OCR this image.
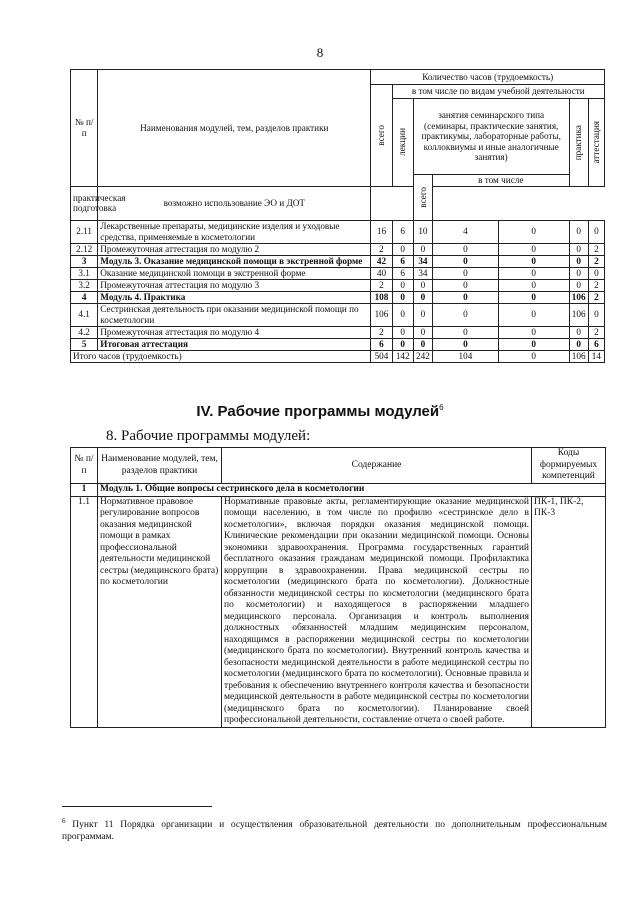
8
№ п/п	Наименования модулей, тем, разделов практики	Количество часов (трудоемкость)						

		всего	в том числе по видам учебной деятельности					

			лекции	занятия семинарского типа (семинары, практические занятия, практикумы, лабораторные работы, коллоквиумы и иные аналогичные занятия)			практика	аттестация

				всего	в том числе			
практическая подготовка	возможно использование ЭО и ДОТ							
2.11	Лекарственные препараты, медицинские изделия и уходовые средства, применяемые в косметологии	16	6	10	4	0	0	0
2.12	Промежуточная аттестация по модулю 2	2	0	0	0	0	0	2
3	Модуль 3. Оказание медицинской помощи в экстренной форме	42	6	34	0	0	0	2
3.1	Оказание медицинской помощи в экстренной форме	40	6	34	0	0	0	0
3.2	Промежуточная аттестация по модулю 3	2	0	0	0	0	0	2
4	Модуль 4. Практика	108	0	0	0	0	106	2
4.1	Сестринская деятельность при оказании медицинской помощи по косметологии	106	0	0	0	0	106	0
4.2	Промежуточная аттестация по модулю 4	2	0	0	0	0	0	2
5	Итоговая аттестация	6	0	0	0	0	0	6
Итого часов (трудоемкость)		504	142	242	104	0	106	14
IV. Рабочие программы модулей$^6$
8. Рабочие программы модулей:
№ п/п	Наименование модулей, тем, разделов практики	Содержание	Коды формируемых компетенций
1	Модуль 1. Общие вопросы сестринского дела в косметологии		
1.1	Нормативное правовое регулирование вопросов оказания медицинской помощи в рамках профессиональной деятельности медицинской сестры (медицинского брата) по косметологии	Нормативные правовые акты, регламентирующие оказание медицинской помощи населению, в том числе по профилю «сестринское дело в косметологии», включая порядки оказания медицинской помощи. Клинические рекомендации при оказании медицинской помощи. Основы экономики здравоохранения. Программа государственных гарантий бесплатного оказания гражданам медицинской помощи. Профилактика коррупции в здравоохранении. Права медицинской сестры по косметологии (медицинского брата по косметологии). Должностные обязанности медицинской сестры по косметологии (медицинского брата по косметологии) и находящегося в распоряжении младшего медицинского персонала. Организация и контроль выполнения должностных обязанностей младшим медицинским персоналом, находящимся в распоряжении медицинской сестры по косметологии (медицинского брата по косметологии). Внутренний контроль качества и безопасности медицинской деятельности в работе медицинской сестры по косметологии (медицинского брата по косметологии). Основные правила и требования к обеспечению внутреннего контроля качества и безопасности медицинской деятельности в работе медицинской сестры по косметологии (медицинского брата по косметологии). Планирование своей профессиональной деятельности, составление отчета о своей работе.	ПК-1, ПК-2, ПК-3
$^6$ Пункт 11 Порядка организации и осуществления образовательной деятельности по дополнительным профессиональным программам.
